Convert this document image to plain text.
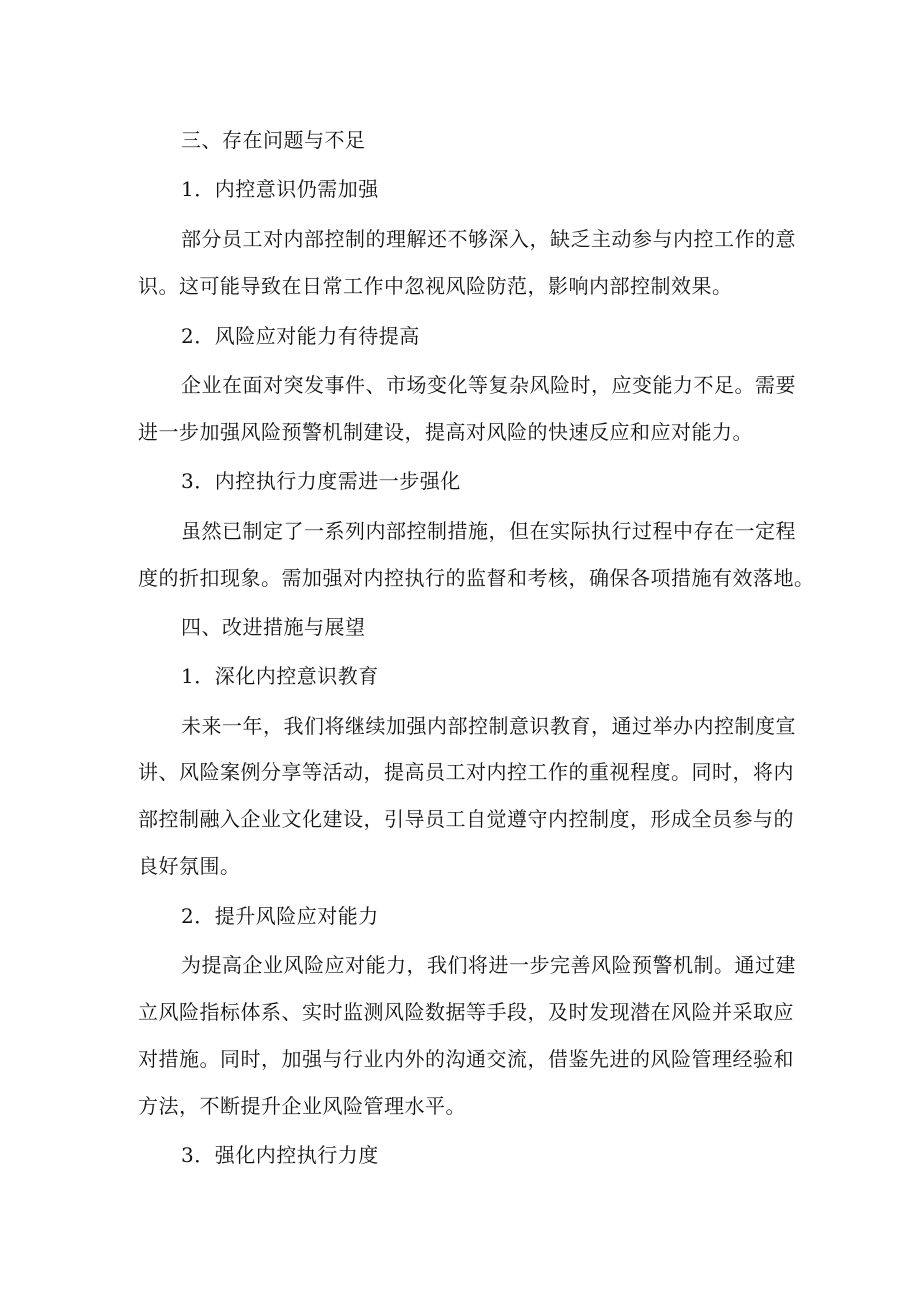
三、存在问题与不足
1．内控意识仍需加强
部分员工对内部控制的理解还不够深入，缺乏主动参与内控工作的意
识。这可能导致在日常工作中忽视风险防范，影响内部控制效果。
2．风险应对能力有待提高
企业在面对突发事件、市场变化等复杂风险时，应变能力不足。需要
进一步加强风险预警机制建设，提高对风险的快速反应和应对能力。
3．内控执行力度需进一步强化
虽然已制定了一系列内部控制措施，但在实际执行过程中存在一定程
度的折扣现象。需加强对内控执行的监督和考核，确保各项措施有效落地。
四、改进措施与展望
1．深化内控意识教育
未来一年，我们将继续加强内部控制意识教育，通过举办内控制度宣
讲、风险案例分享等活动，提高员工对内控工作的重视程度。同时，将内
部控制融入企业文化建设，引导员工自觉遵守内控制度，形成全员参与的
良好氛围。
2．提升风险应对能力
为提高企业风险应对能力，我们将进一步完善风险预警机制。通过建
立风险指标体系、实时监测风险数据等手段，及时发现潜在风险并采取应
对措施。同时，加强与行业内外的沟通交流，借鉴先进的风险管理经验和
方法，不断提升企业风险管理水平。
3．强化内控执行力度
